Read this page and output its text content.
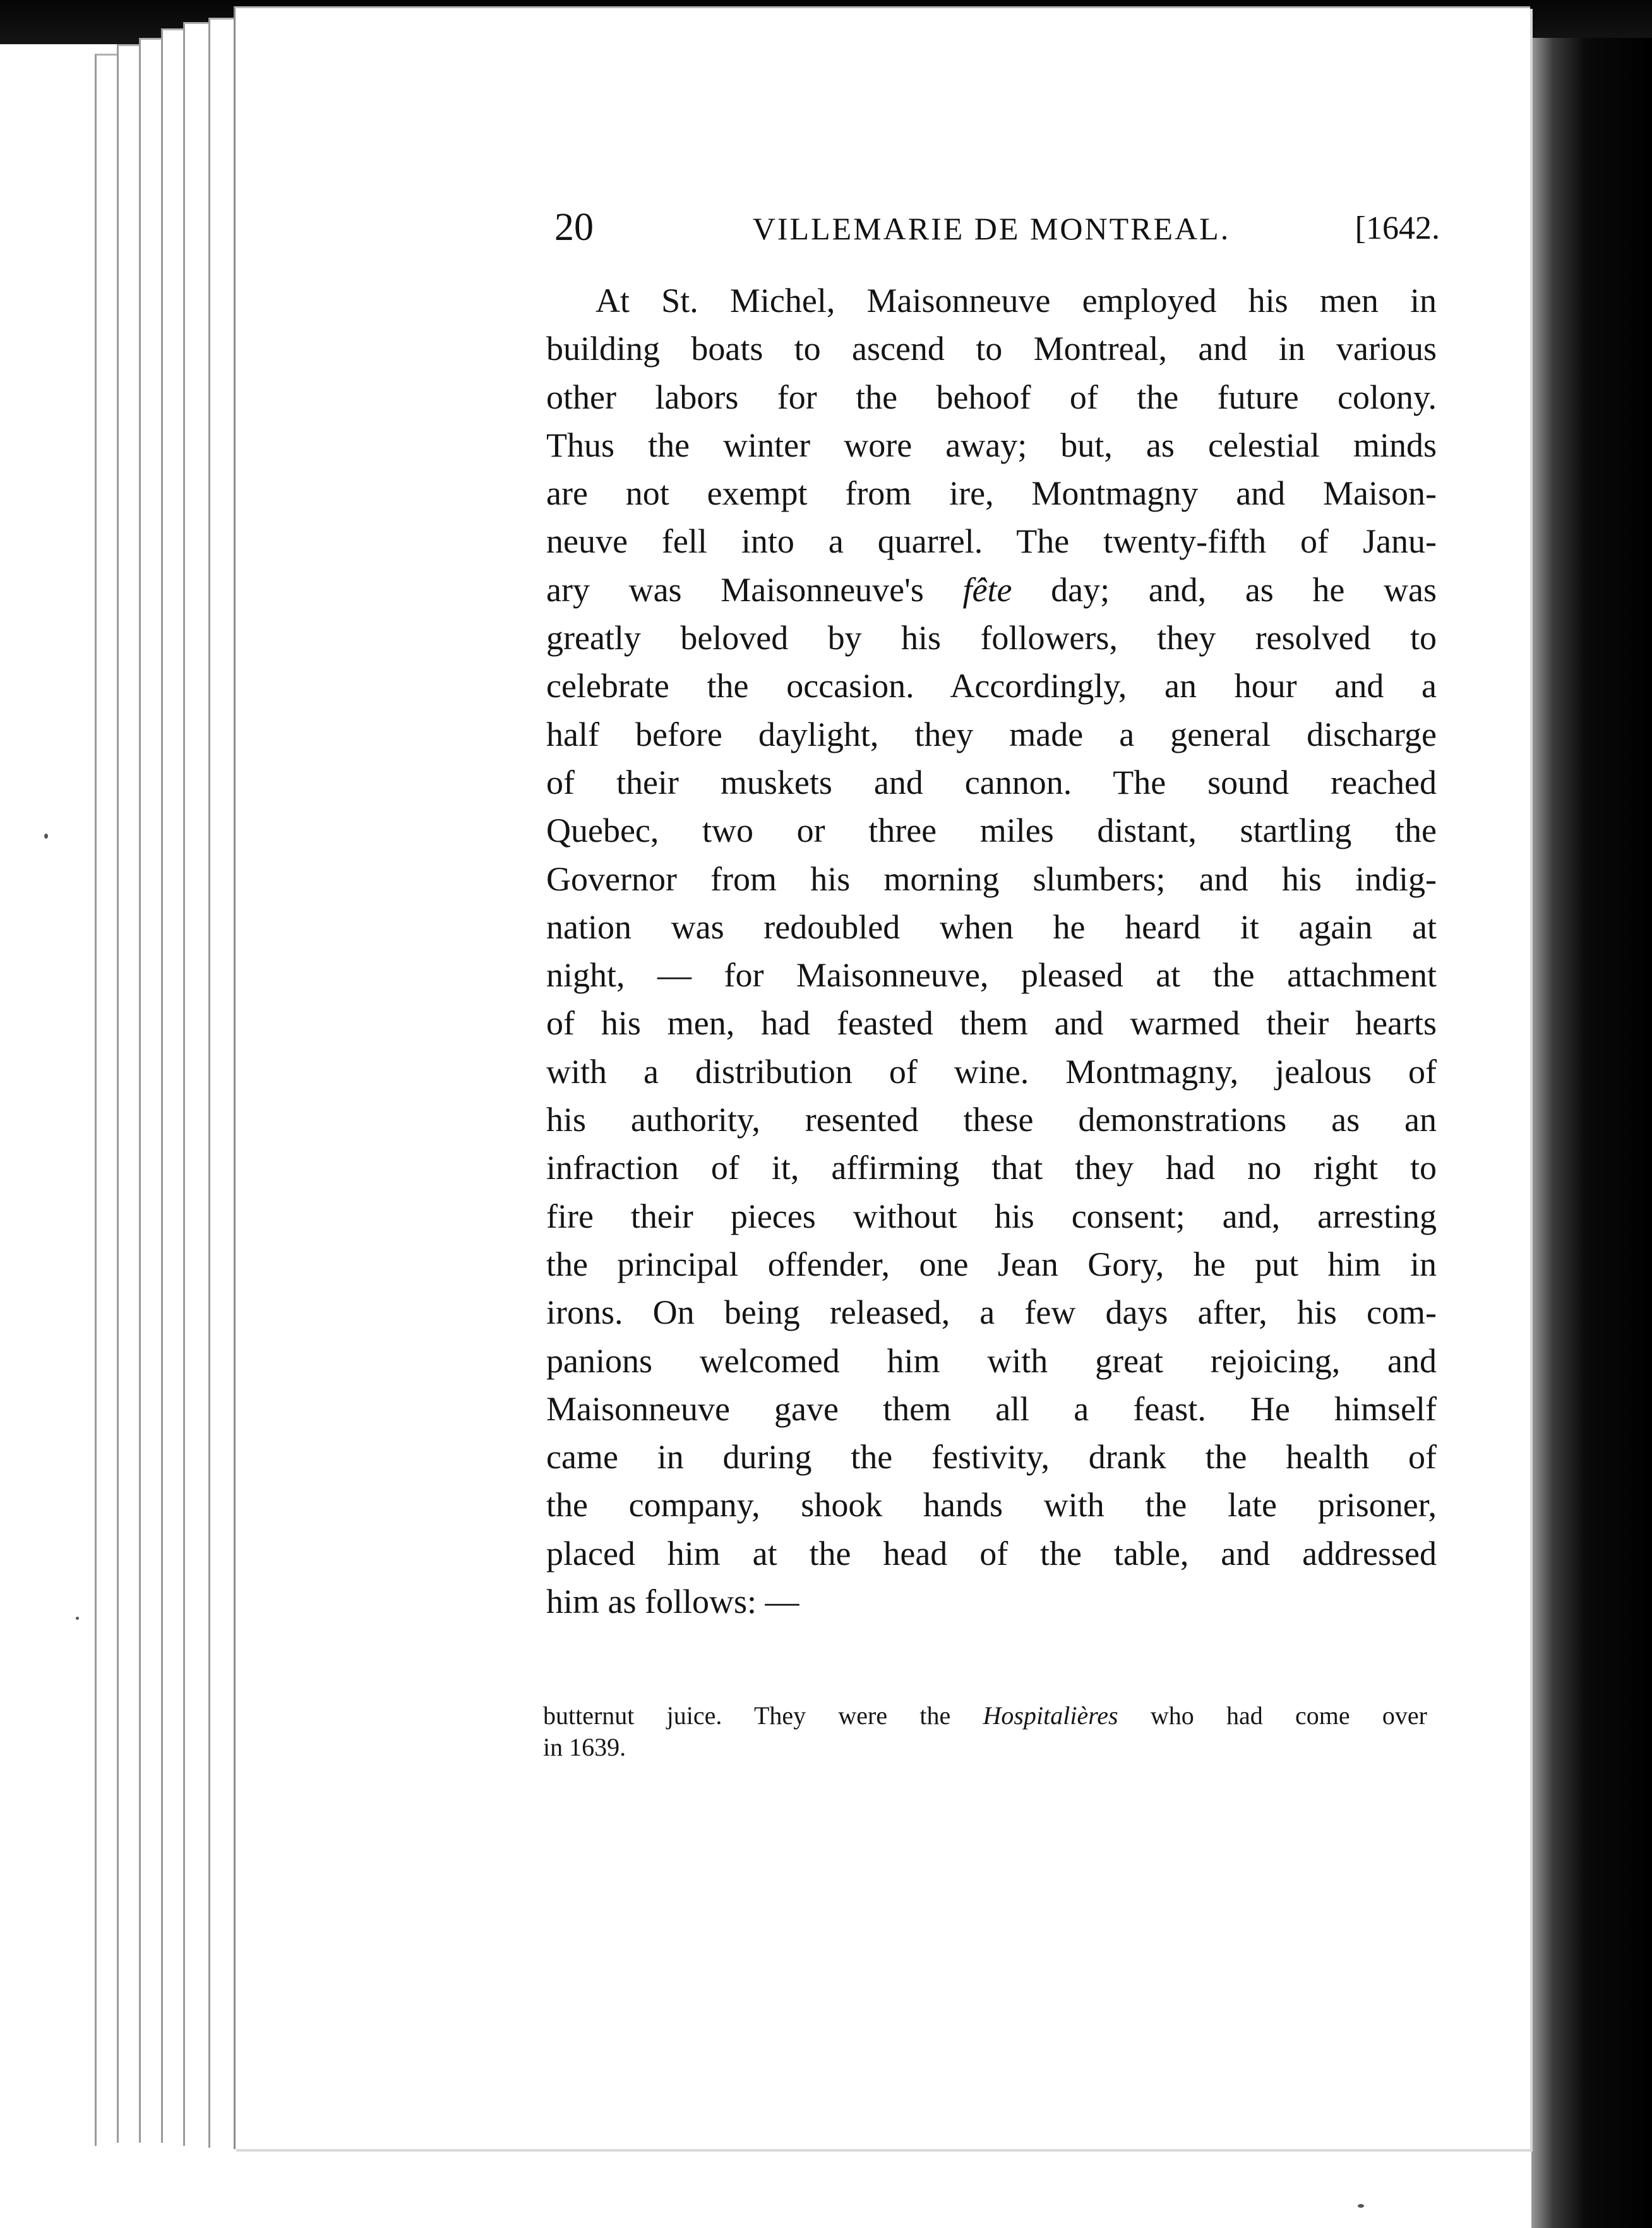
20	VILLEMARIE DE MONTREAL.	[1642.
At St. Michel, Maisonneuve employed his men in
building boats to ascend to Montreal, and in various
other labors for the behoof of the future colony.
Thus the winter wore away; but, as celestial minds
are not exempt from ire, Montmagny and Maison-
neuve fell into a quarrel. The twenty-fifth of Janu-
ary was Maisonneuve's fête day; and, as he was
greatly beloved by his followers, they resolved to
celebrate the occasion. Accordingly, an hour and a
half before daylight, they made a general discharge
of their muskets and cannon. The sound reached
Quebec, two or three miles distant, startling the
Governor from his morning slumbers; and his indig-
nation was redoubled when he heard it again at
night, — for Maisonneuve, pleased at the attachment
of his men, had feasted them and warmed their hearts
with a distribution of wine. Montmagny, jealous of
his authority, resented these demonstrations as an
infraction of it, affirming that they had no right to
fire their pieces without his consent; and, arresting
the principal offender, one Jean Gory, he put him in
irons. On being released, a few days after, his com-
panions welcomed him with great rejoicing, and
Maisonneuve gave them all a feast. He himself
came in during the festivity, drank the health of
the company, shook hands with the late prisoner,
placed him at the head of the table, and addressed
him as follows: —
butternut juice. They were the Hospitalières who had come over
in 1639.
